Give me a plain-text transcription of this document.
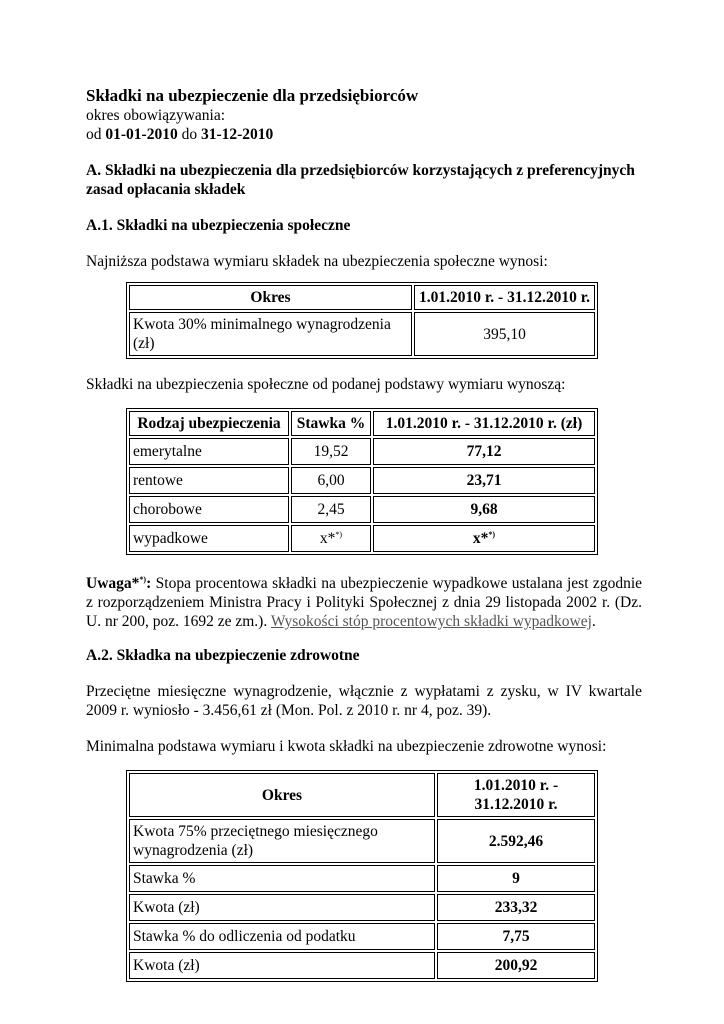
Składki na ubezpieczenie dla przedsiębiorców

okres obowiązywania:

od 01-01-2010 do 31-12-2010

A. Składki na ubezpieczenia dla przedsiębiorców korzystających z preferencyjnych zasad opłacania składek

A.1. Składki na ubezpieczenia społeczne

Najniższa podstawa wymiaru składek na ubezpieczenia społeczne wynosi:

Okres	1.01.2010 r. - 31.12.2010 r.
Kwota 30% minimalnego wynagrodzenia (zł)	395,10

Składki na ubezpieczenia społeczne od podanej podstawy wymiaru wynoszą:

Rodzaj ubezpieczenia	Stawka %	1.01.2010 r. - 31.12.2010 r. (zł)
emerytalne	19,52	77,12
rentowe	6,00	23,71
chorobowe	2,45	9,68
wypadkowe	x**)	x**)

Uwaga**): Stopa procentowa składki na ubezpieczenie wypadkowe ustalana jest zgodnie z rozporządzeniem Ministra Pracy i Polityki Społecznej z dnia 29 listopada 2002 r. (Dz. U. nr 200, poz. 1692 ze zm.). Wysokości stóp procentowych składki wypadkowej.

A.2. Składka na ubezpieczenie zdrowotne

Przeciętne miesięczne wynagrodzenie, włącznie z wypłatami z zysku, w IV kwartale 2009 r. wyniosło - 3.456,61 zł (Mon. Pol. z 2010 r. nr 4, poz. 39).

Minimalna podstawa wymiaru i kwota składki na ubezpieczenie zdrowotne wynosi:

Okres	1.01.2010 r. -
31.12.2010 r.
Kwota 75% przeciętnego miesięcznego wynagrodzenia (zł)	2.592,46
Stawka %	9
Kwota (zł)	233,32
Stawka % do odliczenia od podatku	7,75
Kwota (zł)	200,92
